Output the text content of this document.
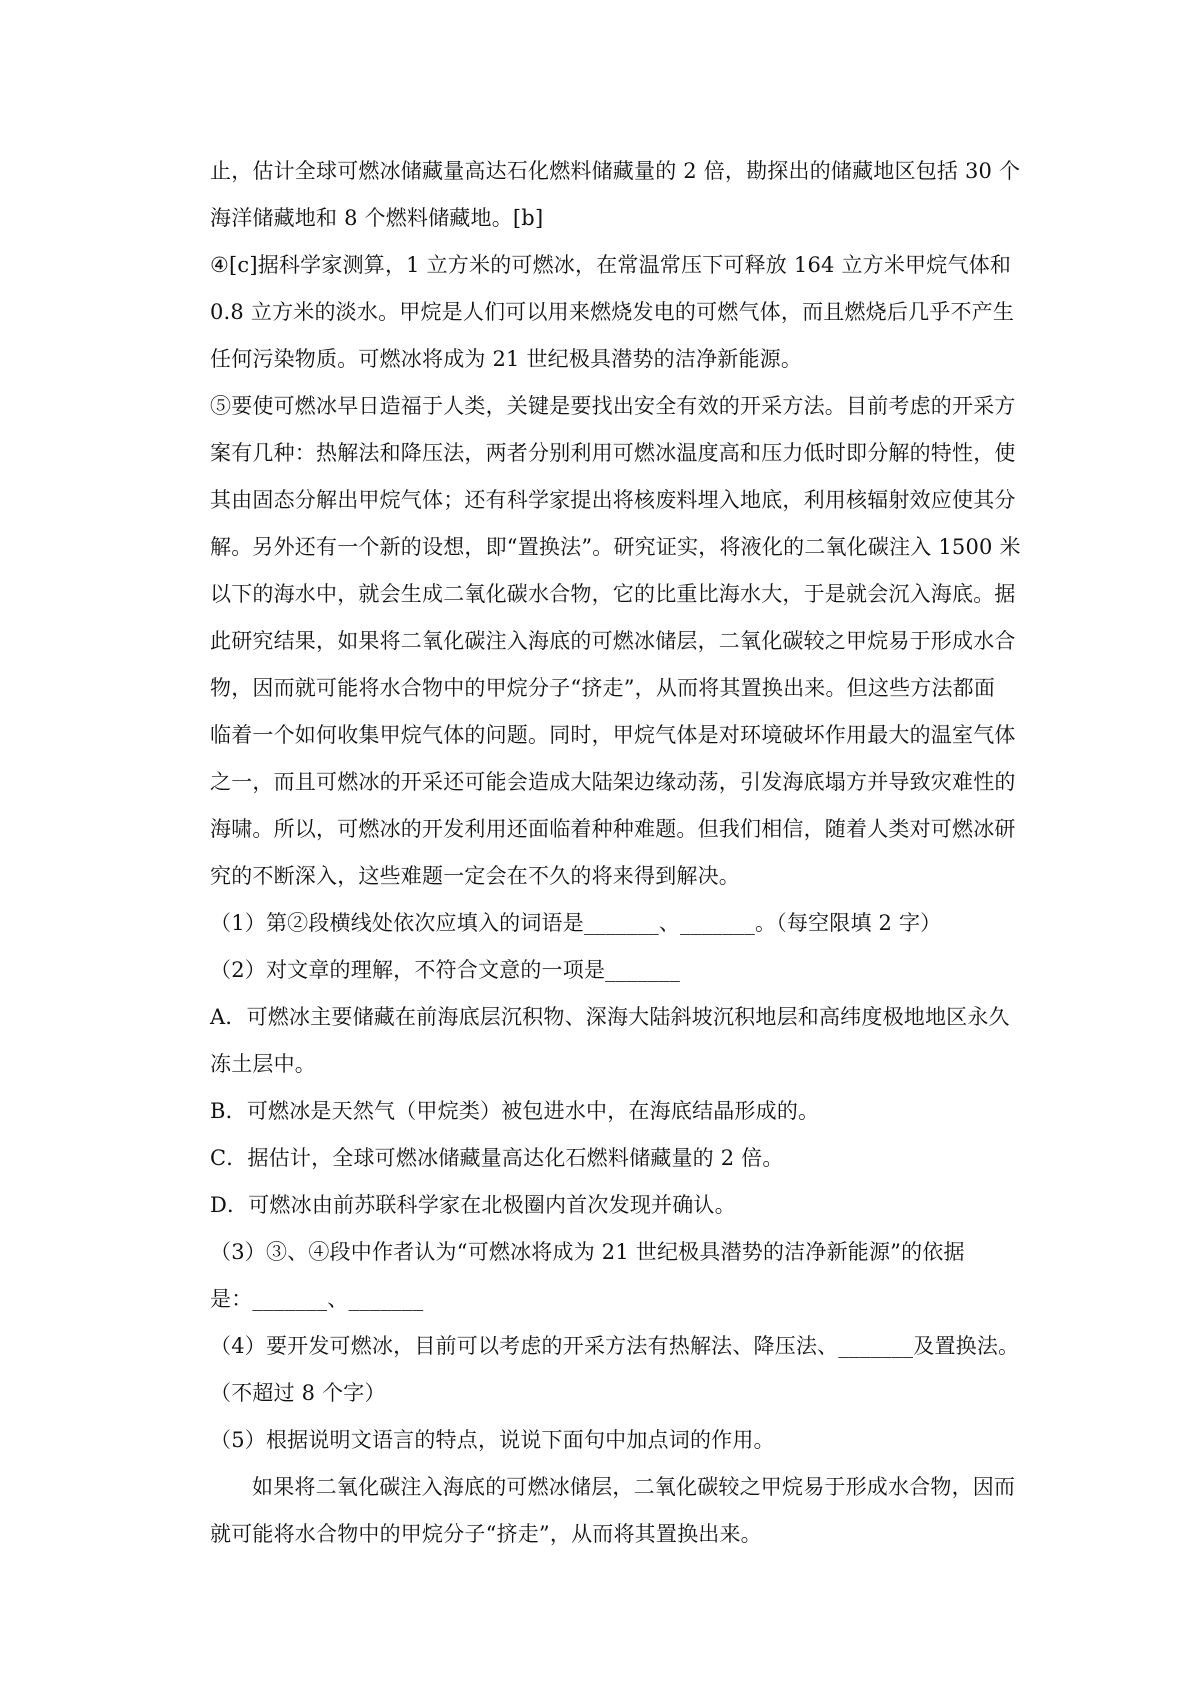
止，估计全球可燃冰储藏量高达石化燃料储藏量的 2 倍，勘探出的储藏地区包括 30 个
海洋储藏地和 8 个燃料储藏地。[b]
④[c]据科学家测算，1 立方米的可燃冰，在常温常压下可释放 164 立方米甲烷气体和
0.8 立方米的淡水。甲烷是人们可以用来燃烧发电的可燃气体，而且燃烧后几乎不产生
任何污染物质。可燃冰将成为 21 世纪极具潜势的洁净新能源。
⑤要使可燃冰早日造福于人类，关键是要找出安全有效的开采方法。目前考虑的开采方
案有几种：热解法和降压法，两者分别利用可燃冰温度高和压力低时即分解的特性，使
其由固态分解出甲烷气体；还有科学家提出将核废料埋入地底，利用核辐射效应使其分
解。另外还有一个新的设想，即“置换法”。研究证实，将液化的二氧化碳注入 1500 米
以下的海水中，就会生成二氧化碳水合物，它的比重比海水大，于是就会沉入海底。据
此研究结果，如果将二氧化碳注入海底的可燃冰储层，二氧化碳较之甲烷易于形成水合
物，因而就可能将水合物中的甲烷分子“挤走”，从而将其置换出来。但这些方法都面
临着一个如何收集甲烷气体的问题。同时，甲烷气体是对环境破坏作用最大的温室气体
之一，而且可燃冰的开采还可能会造成大陆架边缘动荡，引发海底塌方并导致灾难性的
海啸。所以，可燃冰的开发利用还面临着种种难题。但我们相信，随着人类对可燃冰研
究的不断深入，这些难题一定会在不久的将来得到解决。
（1）第②段横线处依次应填入的词语是_______、_______。（每空限填 2 字）
（2）对文章的理解，不符合文意的一项是_______
A．可燃冰主要储藏在前海底层沉积物、深海大陆斜坡沉积地层和高纬度极地地区永久
冻土层中。
B．可燃冰是天然气（甲烷类）被包进水中，在海底结晶形成的。
C．据估计，全球可燃冰储藏量高达化石燃料储藏量的 2 倍。
D．可燃冰由前苏联科学家在北极圈内首次发现并确认。
（3）③、④段中作者认为“可燃冰将成为 21 世纪极具潜势的洁净新能源”的依据
是：_______、_______
（4）要开发可燃冰，目前可以考虑的开采方法有热解法、降压法、_______及置换法。
（不超过 8 个字）
（5）根据说明文语言的特点，说说下面句中加点词的作用。
如果将二氧化碳注入海底的可燃冰储层，二氧化碳较之甲烷易于形成水合物，因而
就可能将水合物中的甲烷分子“挤走”，从而将其置换出来。
